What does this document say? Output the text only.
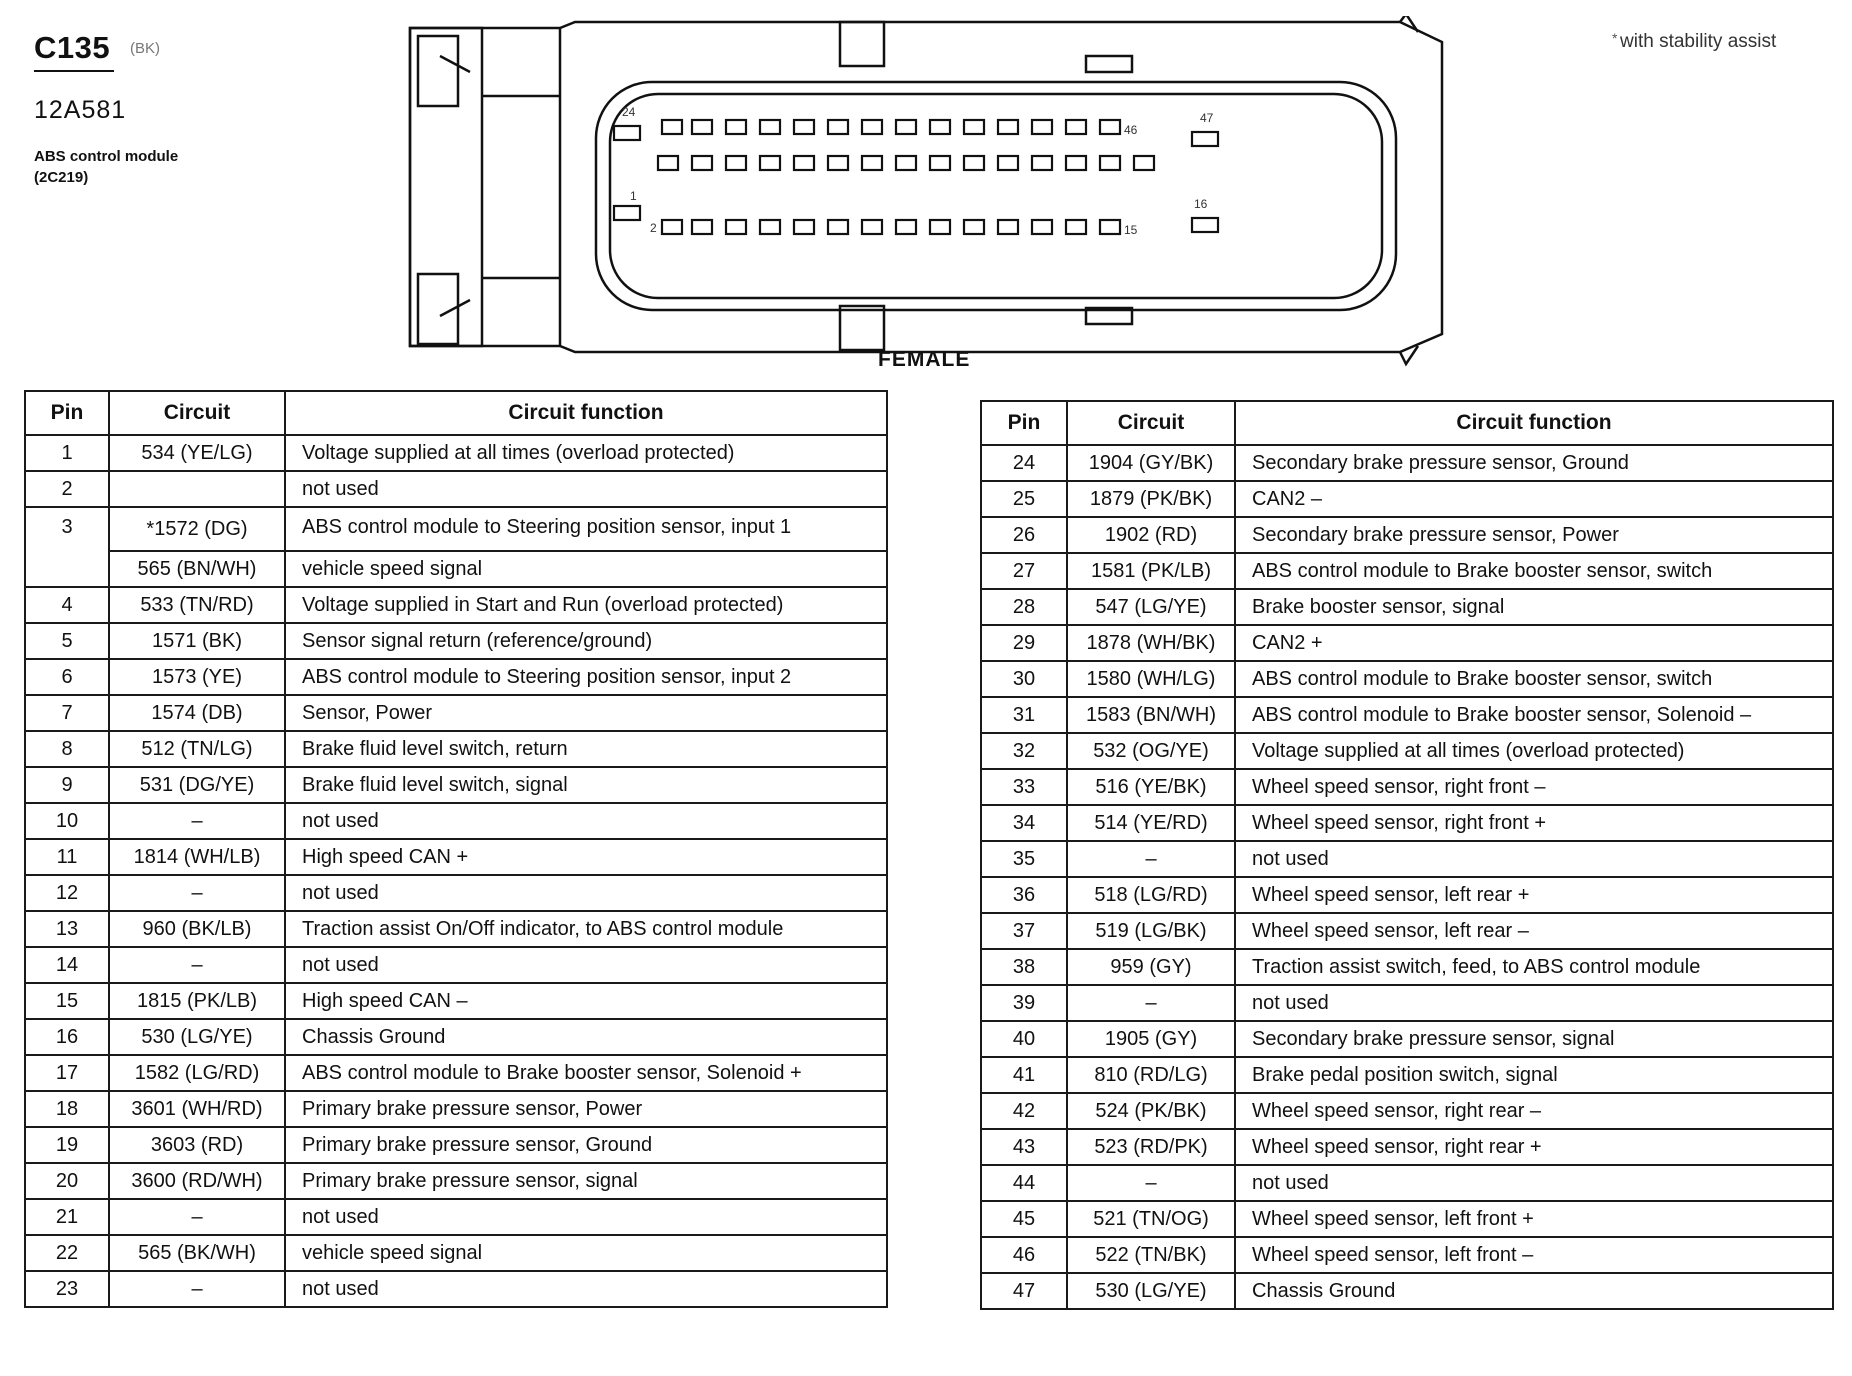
C135 (BK)
12A581
ABS control module
(2C219)
* with stability assist
24	47
1
16
2	15
46
FEMALE
Pin	Circuit	Circuit function
1	534 (YE/LG)	Voltage supplied at all times (overload protected)
2		not used
3	*1572 (DG)	ABS control module to Steering position sensor, input 1
	565 (BN/WH)	vehicle speed signal
4	533 (TN/RD)	Voltage supplied in Start and Run (overload protected)
5	1571 (BK)	Sensor signal return (reference/ground)
6	1573 (YE)	ABS control module to Steering position sensor, input 2
7	1574 (DB)	Sensor, Power
8	512 (TN/LG)	Brake fluid level switch, return
9	531 (DG/YE)	Brake fluid level switch, signal
10	–	not used
11	1814 (WH/LB)	High speed CAN +
12	–	not used
13	960 (BK/LB)	Traction assist On/Off indicator, to ABS control module
14	–	not used
15	1815 (PK/LB)	High speed CAN –
16	530 (LG/YE)	Chassis Ground
17	1582 (LG/RD)	ABS control module to Brake booster sensor, Solenoid +
18	3601 (WH/RD)	Primary brake pressure sensor, Power
19	3603 (RD)	Primary brake pressure sensor, Ground
20	3600 (RD/WH)	Primary brake pressure sensor, signal
21	–	not used
22	565 (BK/WH)	vehicle speed signal
23	–	not used
Pin	Circuit	Circuit function
24	1904 (GY/BK)	Secondary brake pressure sensor, Ground
25	1879 (PK/BK)	CAN2 –
26	1902 (RD)	Secondary brake pressure sensor, Power
27	1581 (PK/LB)	ABS control module to Brake booster sensor, switch
28	547 (LG/YE)	Brake booster sensor, signal
29	1878 (WH/BK)	CAN2 +
30	1580 (WH/LG)	ABS control module to Brake booster sensor, switch
31	1583 (BN/WH)	ABS control module to Brake booster sensor, Solenoid –
32	532 (OG/YE)	Voltage supplied at all times (overload protected)
33	516 (YE/BK)	Wheel speed sensor, right front –
34	514 (YE/RD)	Wheel speed sensor, right front +
35	–	not used
36	518 (LG/RD)	Wheel speed sensor, left rear +
37	519 (LG/BK)	Wheel speed sensor, left rear –
38	959 (GY)	Traction assist switch, feed, to ABS control module
39	–	not used
40	1905 (GY)	Secondary brake pressure sensor, signal
41	810 (RD/LG)	Brake pedal position switch, signal
42	524 (PK/BK)	Wheel speed sensor, right rear –
43	523 (RD/PK)	Wheel speed sensor, right rear +
44	–	not used
45	521 (TN/OG)	Wheel speed sensor, left front +
46	522 (TN/BK)	Wheel speed sensor, left front –
47	530 (LG/YE)	Chassis Ground
